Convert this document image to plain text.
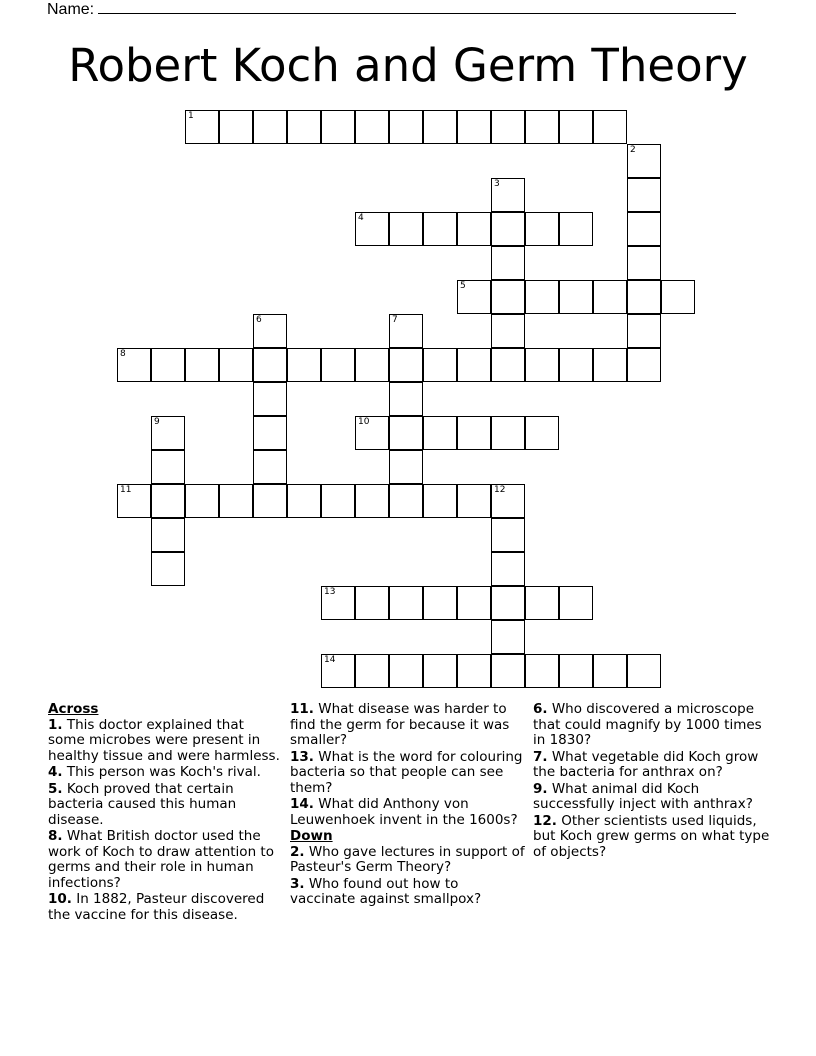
Name:
Robert Koch and Germ Theory
1
2
3
4
5
6	7
8
9	10
11	12
13
14
Across
1. This doctor explained that some microbes were present in healthy tissue and were harmless.
4. This person was Koch's rival.
5. Koch proved that certain bacteria caused this human disease.
8. What British doctor used the work of Koch to draw attention to germs and their role in human infections?
10. In 1882, Pasteur discovered the vaccine for this disease.
11. What disease was harder to find the germ for because it was smaller?
13. What is the word for colouring bacteria so that people can see them?
14. What did Anthony von Leuwenhoek invent in the 1600s?
Down
2. Who gave lectures in support of Pasteur's Germ Theory?
3. Who found out how to vaccinate against smallpox?
6. Who discovered a microscope that could magnify by 1000 times in 1830?
7. What vegetable did Koch grow the bacteria for anthrax on?
9. What animal did Koch successfully inject with anthrax?
12. Other scientists used liquids, but Koch grew germs on what type of objects?
